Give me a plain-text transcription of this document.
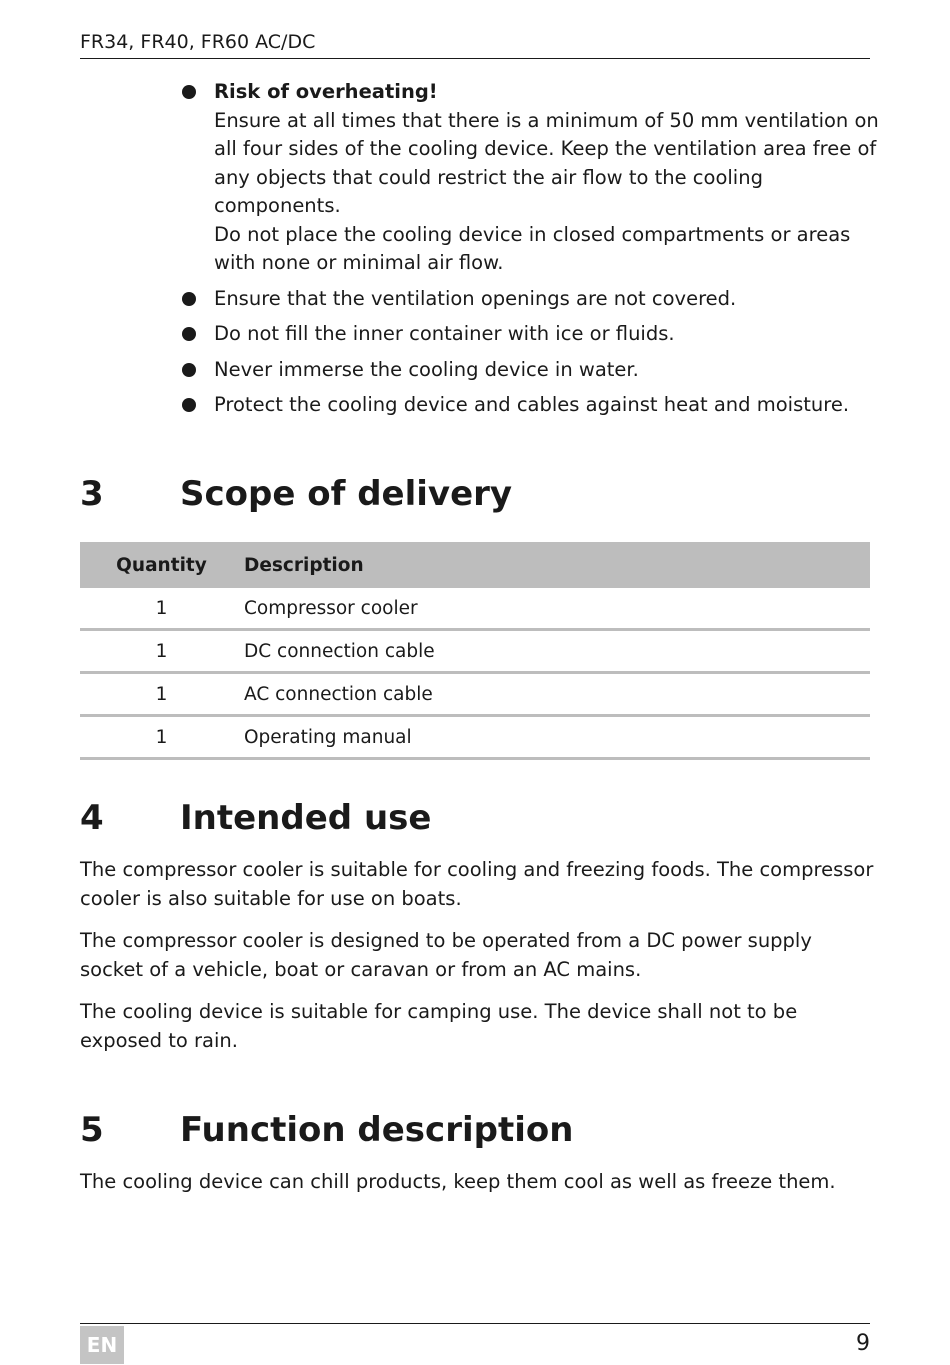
FR34, FR40, FR60 AC/DC
Risk of overheating!
Ensure at all times that there is a minimum of 50 mm ventilation on all four sides of the cooling device. Keep the ventilation area free of any objects that could restrict the air flow to the cooling components.
Do not place the cooling device in closed compartments or areas with none or minimal air flow.
Ensure that the ventilation openings are not covered.
Do not fill the inner container with ice or fluids.
Never immerse the cooling device in water.
Protect the cooling device and cables against heat and moisture.
3 Scope of delivery
Quantity	Description
1	Compressor cooler
1	DC connection cable
1	AC connection cable
1	Operating manual
4 Intended use
The compressor cooler is suitable for cooling and freezing foods. The compressor cooler is also suitable for use on boats.
The compressor cooler is designed to be operated from a DC power supply socket of a vehicle, boat or caravan or from an AC mains.
The cooling device is suitable for camping use. The device shall not to be exposed to rain.
5 Function description
The cooling device can chill products, keep them cool as well as freeze them.
EN	9
